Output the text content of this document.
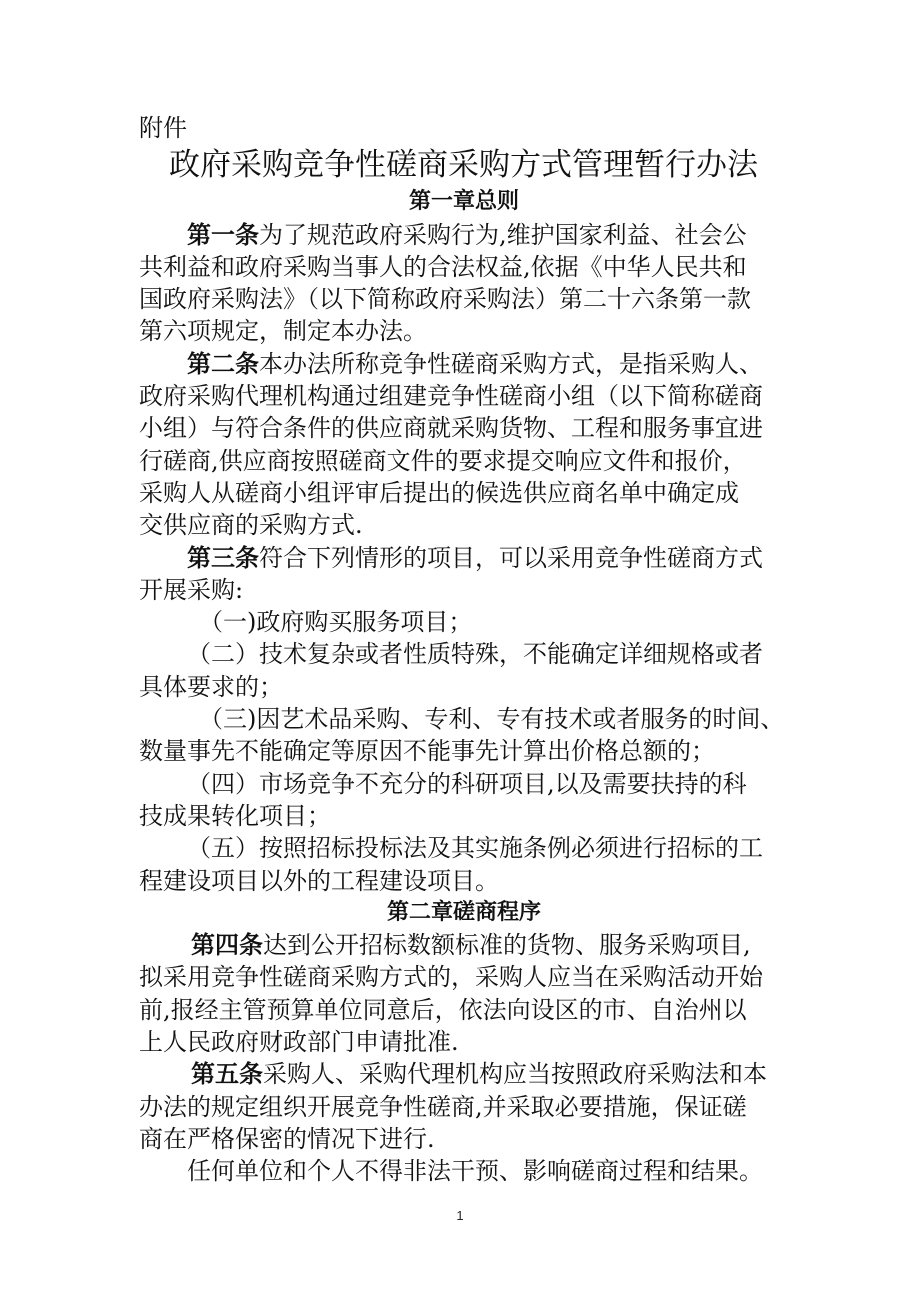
附件
政府采购竞争性磋商采购方式管理暂行办法
第一章总则
第一条为了规范政府采购行为,维护国家利益、社会公
共利益和政府采购当事人的合法权益,依据《中华人民共和
国政府采购法》（以下简称政府采购法）第二十六条第一款
第六项规定，制定本办法。
第二条本办法所称竞争性磋商采购方式，是指采购人、
政府采购代理机构通过组建竞争性磋商小组（以下简称磋商
小组）与符合条件的供应商就采购货物、工程和服务事宜进
行磋商,供应商按照磋商文件的要求提交响应文件和报价，
采购人从磋商小组评审后提出的候选供应商名单中确定成
交供应商的采购方式.
第三条符合下列情形的项目，可以采用竞争性磋商方式
开展采购:
（一)政府购买服务项目；
（二）技术复杂或者性质特殊，不能确定详细规格或者
具体要求的；
（三)因艺术品采购、专利、专有技术或者服务的时间、
数量事先不能确定等原因不能事先计算出价格总额的；
（四）市场竞争不充分的科研项目,以及需要扶持的科
技成果转化项目；
（五）按照招标投标法及其实施条例必须进行招标的工
程建设项目以外的工程建设项目。
第二章磋商程序
第四条达到公开招标数额标准的货物、服务采购项目,
拟采用竞争性磋商采购方式的，采购人应当在采购活动开始
前,报经主管预算单位同意后，依法向设区的市、自治州以
上人民政府财政部门申请批准.
第五条采购人、采购代理机构应当按照政府采购法和本
办法的规定组织开展竞争性磋商,并采取必要措施，保证磋
商在严格保密的情况下进行.
任何单位和个人不得非法干预、影响磋商过程和结果。
1
